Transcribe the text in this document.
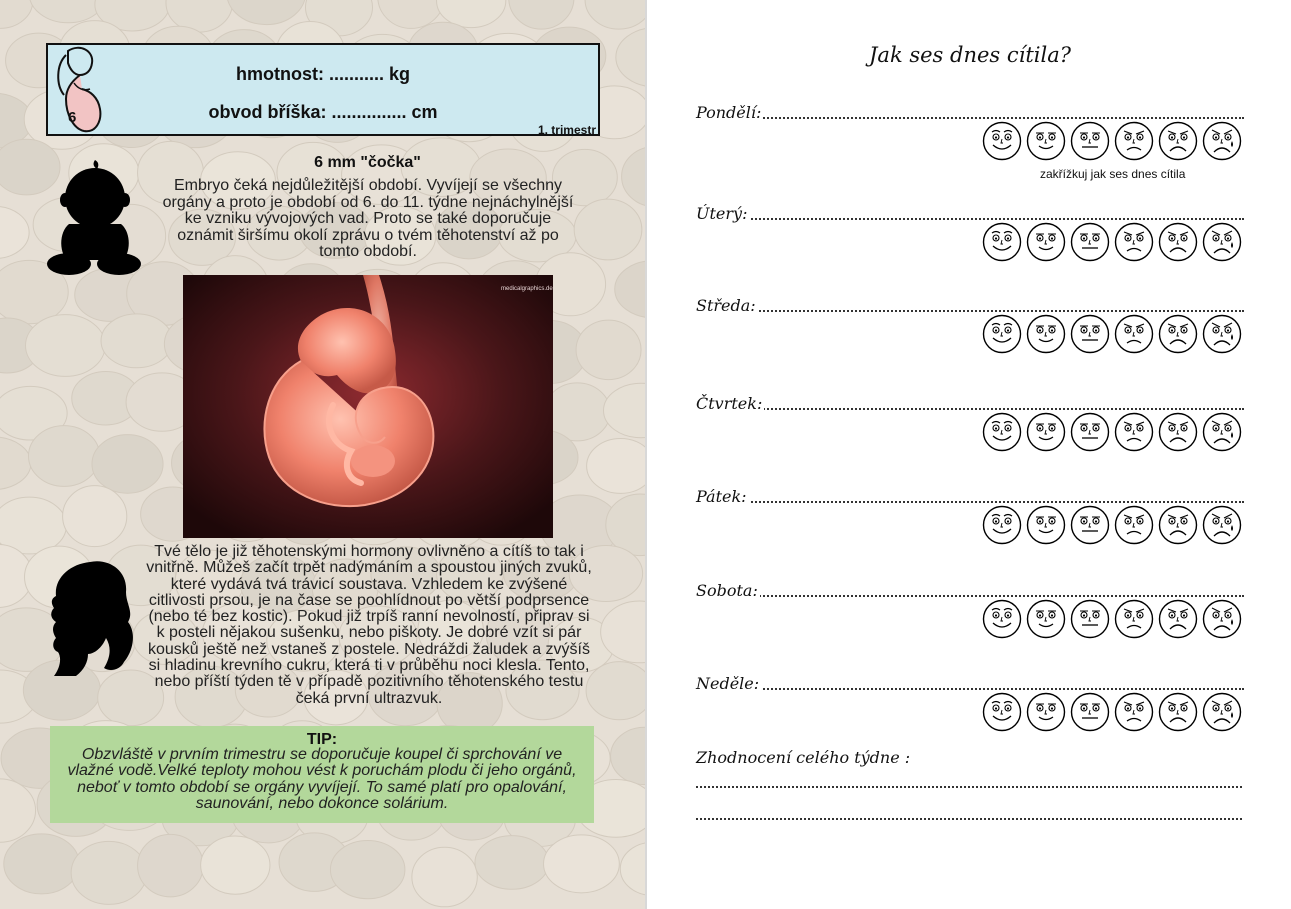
6
hmotnost: ........... kg
obvod bříška: ............... cm
1. trimestr
6 mm "čočka"
Embryo čeká nejdůležitější období. Vyvíjejí se všechny orgány a proto je období od 6. do 11. týdne nejnáchylnější ke vzniku vývojových vad. Proto se také doporučuje oznámit širšímu okolí zprávu o tvém těhotenství až po tomto období.
medicalgraphics.de
Tvé tělo je již těhotenskými hormony ovlivněno a cítíš to tak i vnitřně. Můžeš začít trpět nadýmáním a spoustou jiných zvuků, které vydává tvá trávicí soustava. Vzhledem ke zvýšené citlivosti prsou, je na čase se poohlídnout po větší podprsence (nebo té bez kostic). Pokud již trpíš ranní nevolností, připrav si k posteli nějakou sušenku, nebo piškoty. Je dobré vzít si pár kousků ještě než vstaneš z postele. Nedráždi žaludek a zvýšíš si hladinu krevního cukru, která ti v průběhu noci klesla. Tento, nebo příští týden tě v případě pozitivního těhotenského testu čeká první ultrazvuk.
TIP:
Obzvláště v prvním trimestru se doporučuje koupel či sprchování ve vlažné vodě.Velké teploty mohou vést k poruchám plodu či jeho orgánů, neboť v tomto období se orgány vyvíjejí. To samé platí pro opalování, saunování, nebo dokonce solárium.
Jak ses dnes cítila?
Pondělí:
Úterý:
Středa:
Čtvrtek:
Pátek:
Sobota:
Neděle:
zakřížkuj jak ses dnes cítila
Zhodnocení celého týdne :
